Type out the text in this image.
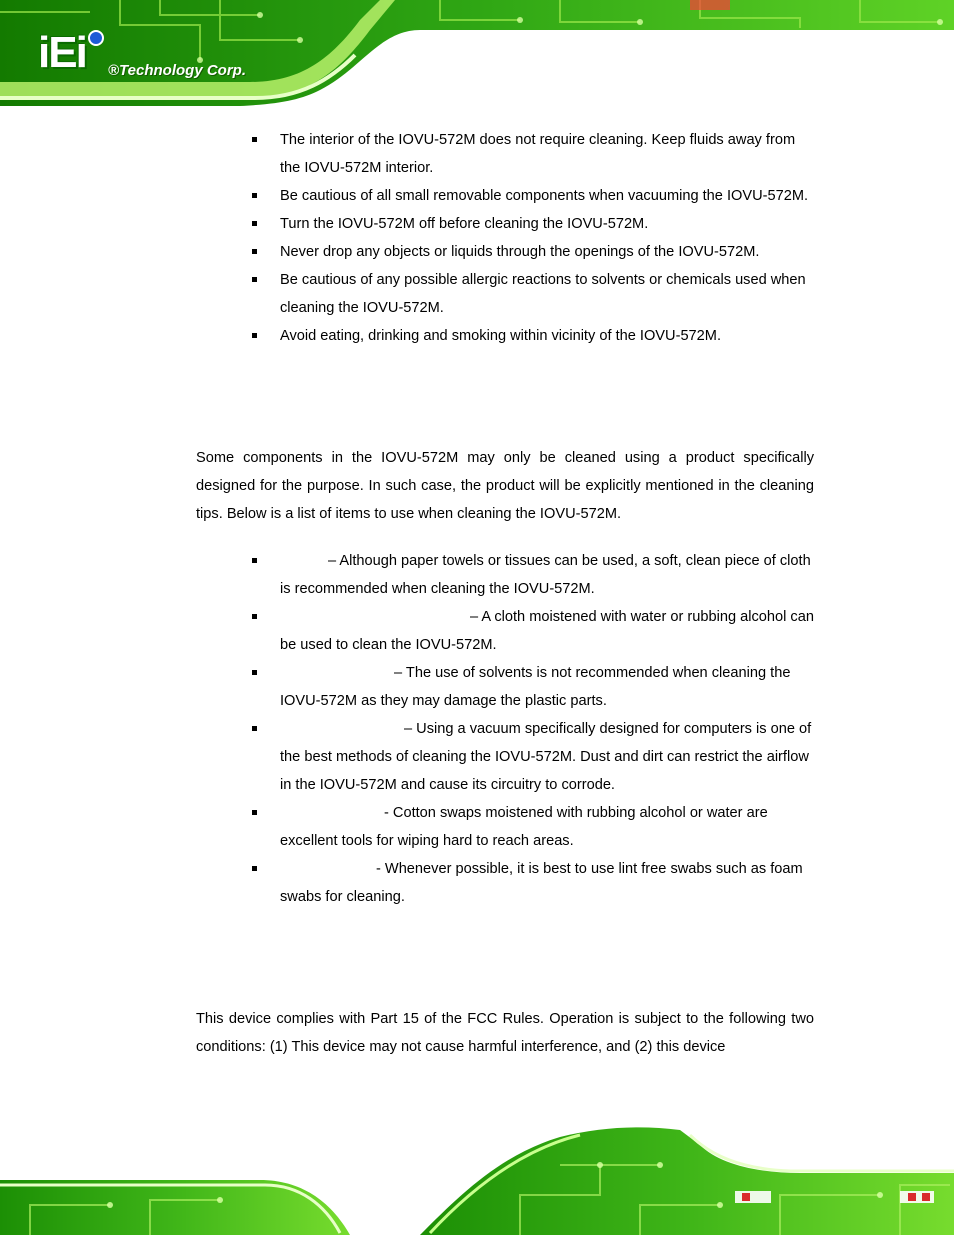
iEi ®Technology Corp.
The interior of the IOVU-572M does not require cleaning. Keep fluids away from the IOVU-572M interior.
Be cautious of all small removable components when vacuuming the IOVU-572M.
Turn the IOVU-572M off before cleaning the IOVU-572M.
Never drop any objects or liquids through the openings of the IOVU-572M.
Be cautious of any possible allergic reactions to solvents or chemicals used when cleaning the IOVU-572M.
Avoid eating, drinking and smoking within vicinity of the IOVU-572M.

Some components in the IOVU-572M may only be cleaned using a product specifically designed for the purpose. In such case, the product will be explicitly mentioned in the cleaning tips. Below is a list of items to use when cleaning the IOVU-572M.

– Although paper towels or tissues can be used, a soft, clean piece of cloth is recommended when cleaning the IOVU-572M.
– A cloth moistened with water or rubbing alcohol can be used to clean the IOVU-572M.
– The use of solvents is not recommended when cleaning the IOVU-572M as they may damage the plastic parts.
– Using a vacuum specifically designed for computers is one of the best methods of cleaning the IOVU-572M. Dust and dirt can restrict the airflow in the IOVU-572M and cause its circuitry to corrode.
- Cotton swaps moistened with rubbing alcohol or water are excellent tools for wiping hard to reach areas.
- Whenever possible, it is best to use lint free swabs such as foam swabs for cleaning.

This device complies with Part 15 of the FCC Rules. Operation is subject to the following two conditions: (1) This device may not cause harmful interference, and (2) this device
